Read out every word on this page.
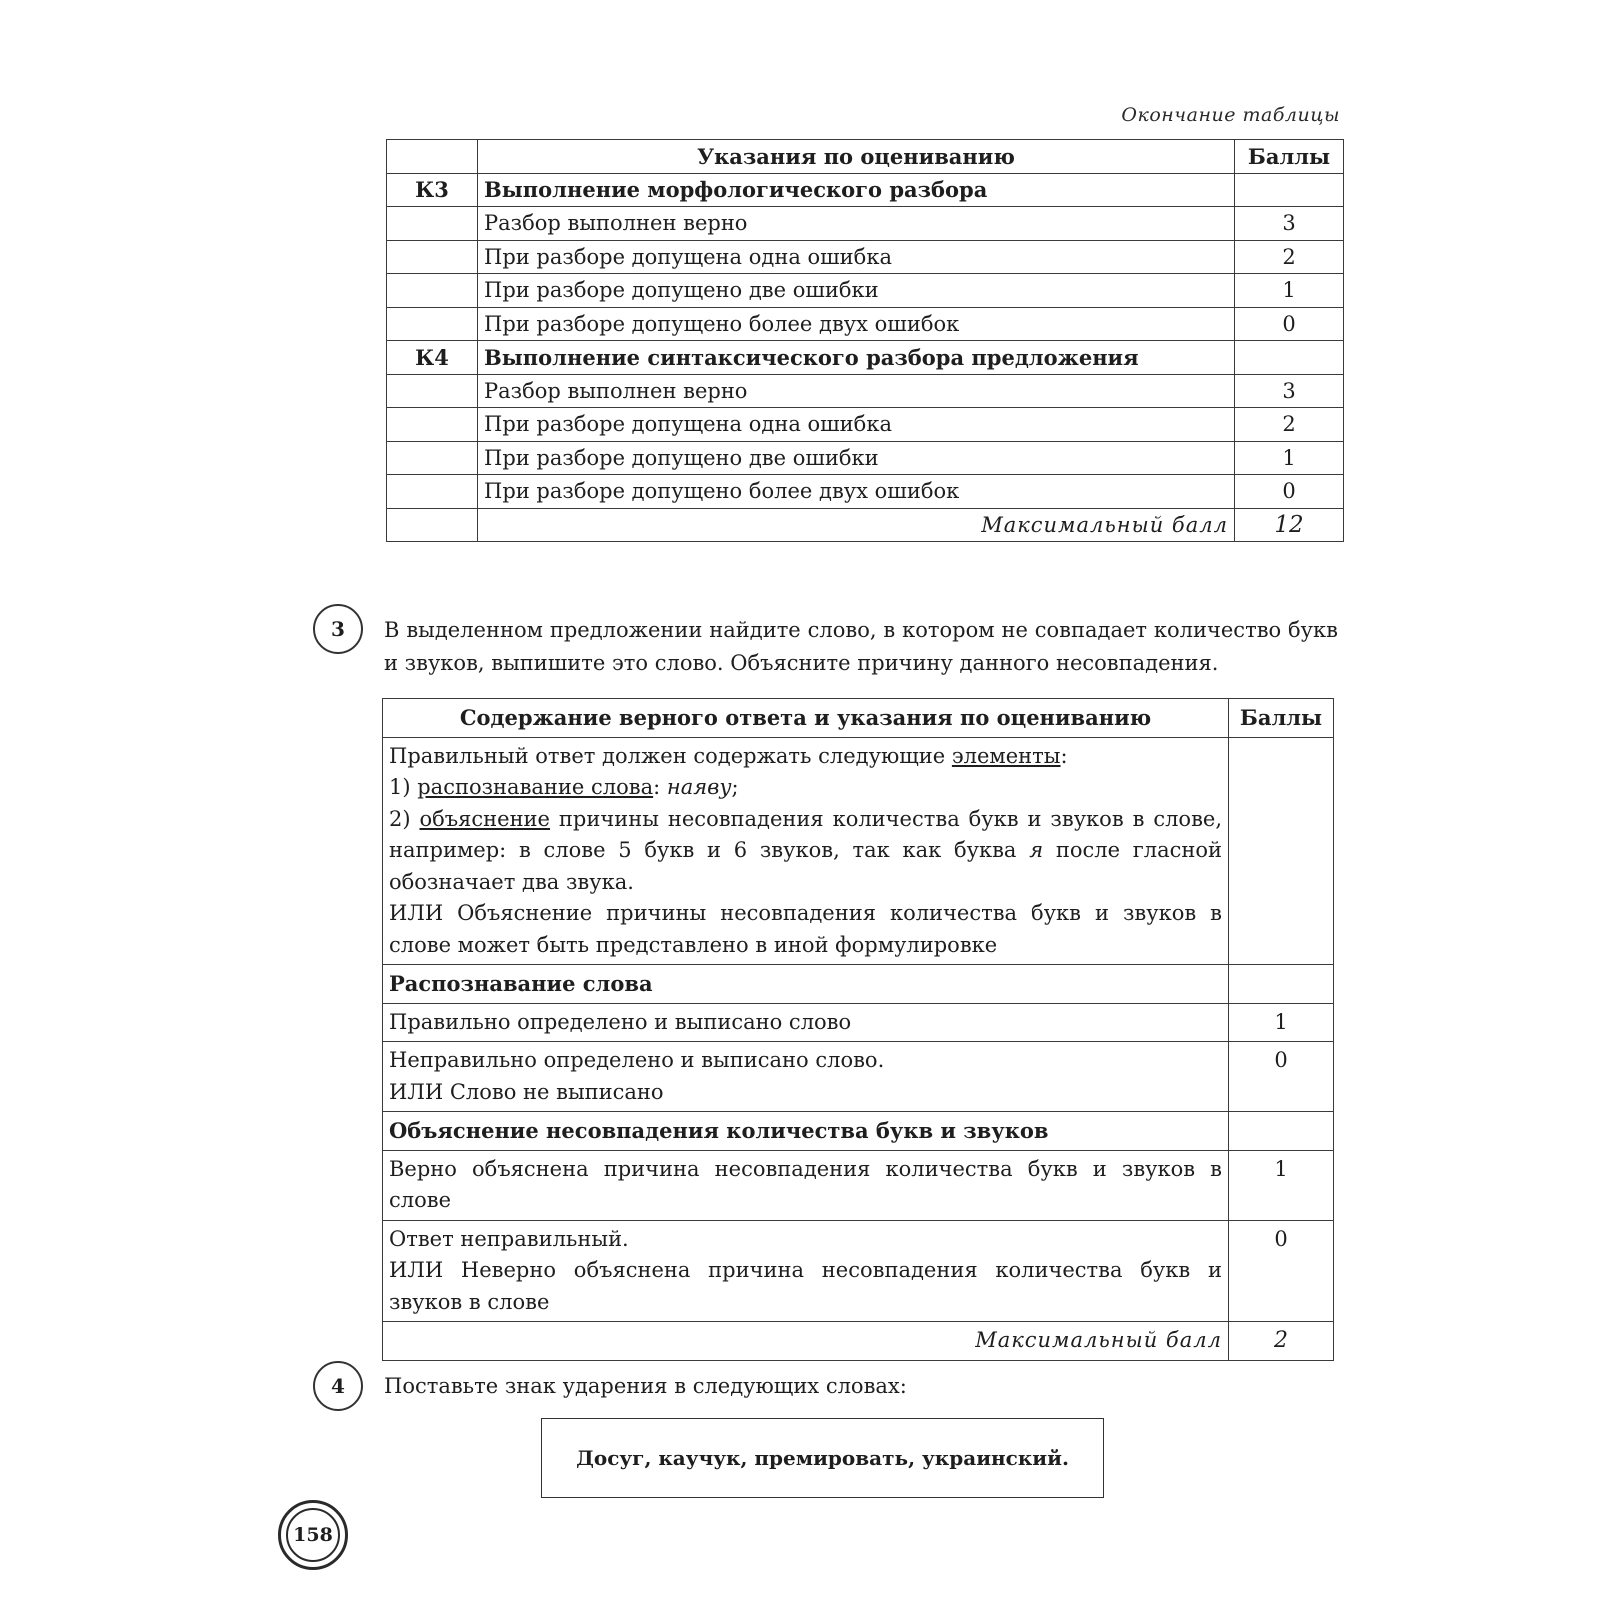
Окончание таблицы
	Указания по оцениванию	Баллы
К3	Выполнение морфологического разбора	
	Разбор выполнен верно	3
	При разборе допущена одна ошибка	2
	При разборе допущено две ошибки	1
	При разборе допущено более двух ошибок	0
К4	Выполнение синтаксического разбора предложения	
	Разбор выполнен верно	3
	При разборе допущена одна ошибка	2
	При разборе допущено две ошибки	1
	При разборе допущено более двух ошибок	0
	Максимальный балл	12
3	В выделенном предложении найдите слово, в котором не совпадает количество букв и звуков, выпишите это слово. Объясните причину данного несовпадения.
Содержание верного ответа и указания по оцениванию	Баллы

Правильный ответ должен содержать следующие элементы:
1) распознавание слова: наяву;
2) объяснение причины несовпадения количества букв и звуков в слове, например: в слове 5 букв и 6 звуков, так как буква я после гласной обозначает два звука.
ИЛИ Объяснение причины несовпадения количества букв и звуков в слове может быть представлено в иной формулировке	

Распознавание слова	
Правильно определено и выписано слово	1

Неправильно определено и выписано слово.
ИЛИ Слово не выписано	0
Объяснение несовпадения количества букв и звуков	
Верно объяснена причина несовпадения количества букв и звуков в слове	1

Ответ неправильный.
ИЛИ Неверно объяснена причина несовпадения количества букв и звуков в слове	0
Максимальный балл	2
4	Поставьте знак ударения в следующих словах:
Досуг, каучук, премировать, украинский.
158
